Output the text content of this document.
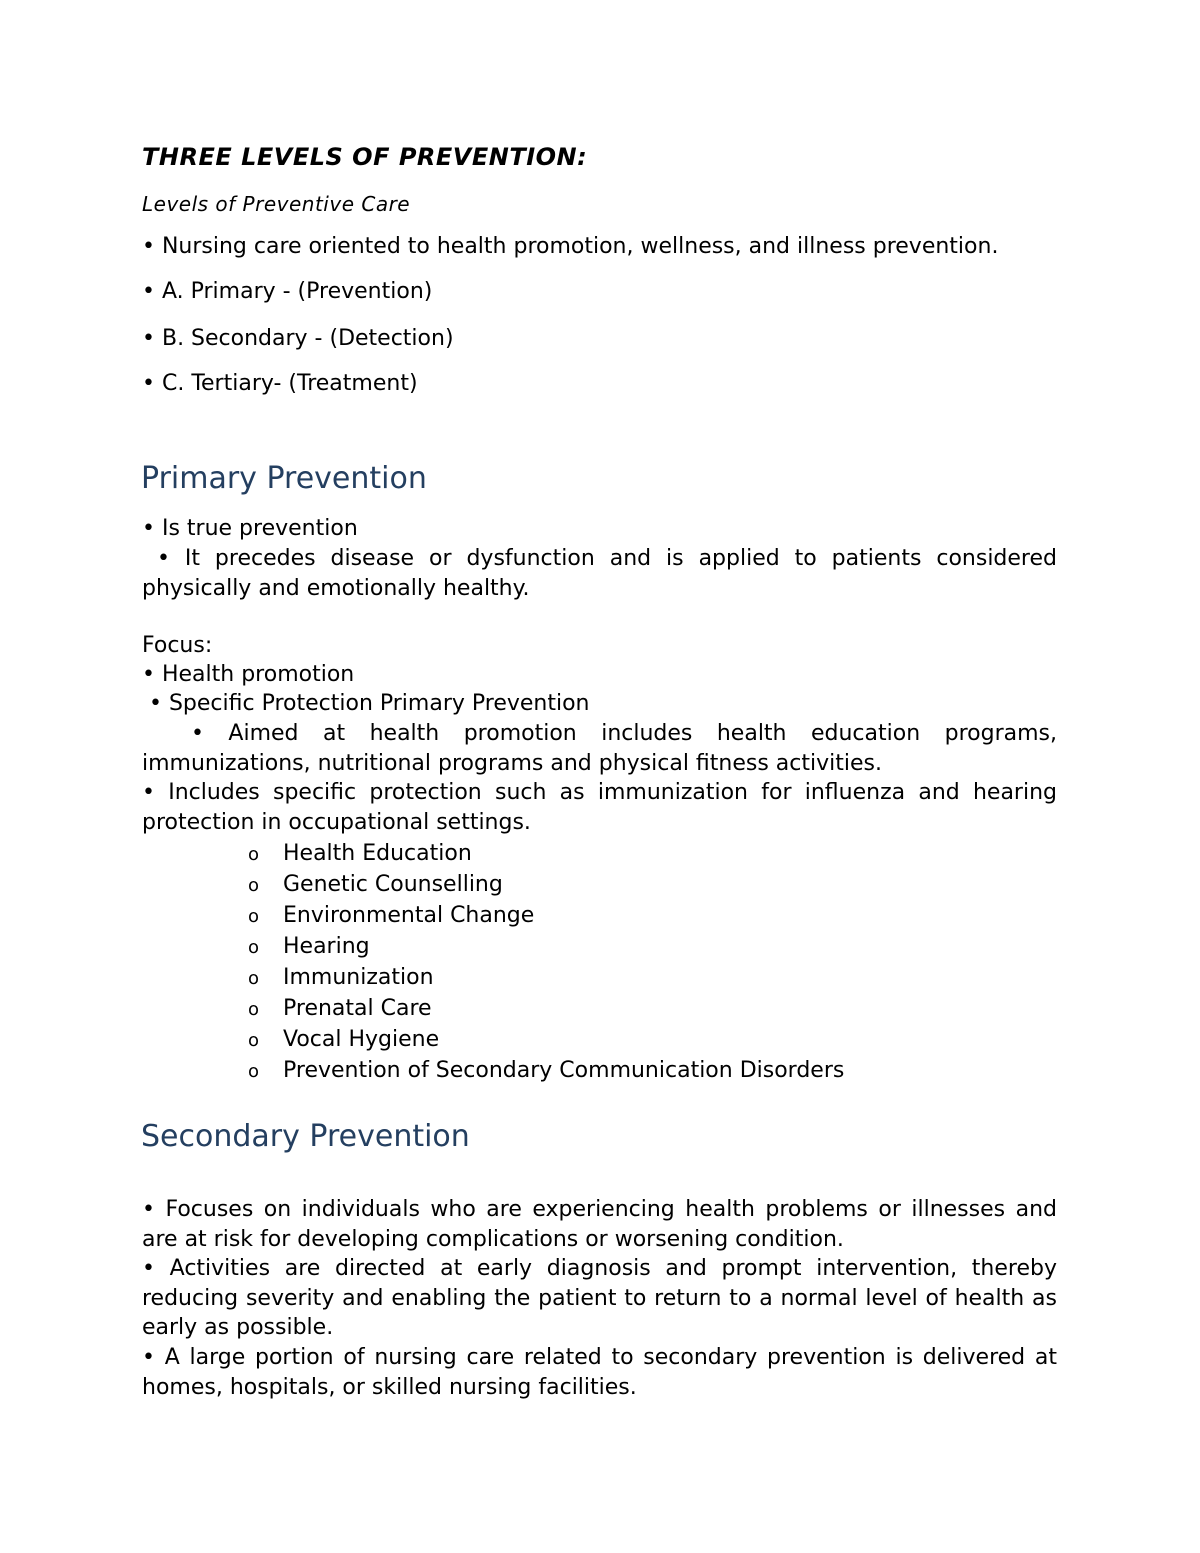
THREE LEVELS OF PREVENTION:
Levels of Preventive Care
• Nursing care oriented to health promotion, wellness, and illness prevention.
• A. Primary - (Prevention)
• B. Secondary - (Detection)
• C. Tertiary- (Treatment)
Primary Prevention
• Is true prevention
• It precedes disease or dysfunction and is applied to patients considered physically and emotionally healthy.
Focus:
• Health promotion
• Specific Protection Primary Prevention
• Aimed at health promotion includes health education programs, immunizations, nutritional programs and physical fitness activities.
• Includes specific protection such as immunization for influenza and hearing protection in occupational settings.
o Health Education
o Genetic Counselling
o Environmental Change
o Hearing
o Immunization
o Prenatal Care
o Vocal Hygiene
o Prevention of Secondary Communication Disorders
Secondary Prevention
• Focuses on individuals who are experiencing health problems or illnesses and are at risk for developing complications or worsening condition.
• Activities are directed at early diagnosis and prompt intervention, thereby reducing severity and enabling the patient to return to a normal level of health as early as possible.
• A large portion of nursing care related to secondary prevention is delivered at homes, hospitals, or skilled nursing facilities.
